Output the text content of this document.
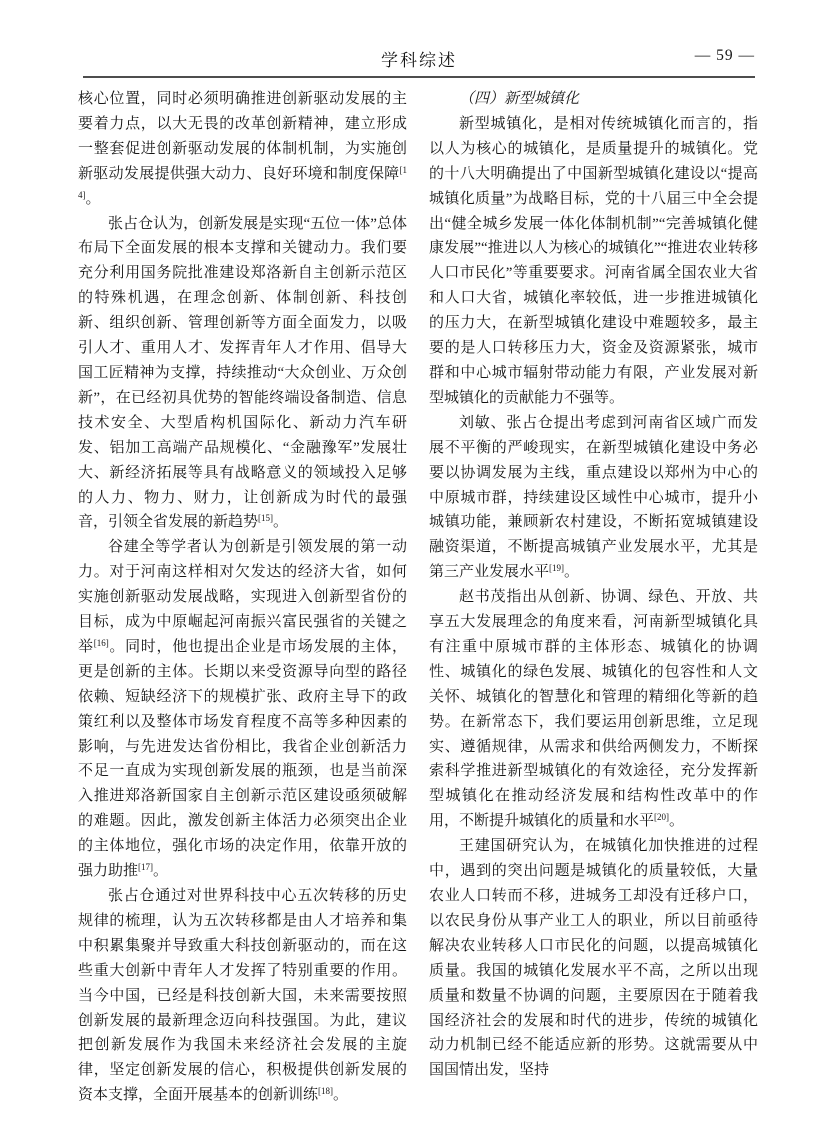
学科综述	— 59 —

核心位置，同时必须明确推进创新驱动发展的主要着力点，以大无畏的改革创新精神，建立形成一整套促进创新驱动发展的体制机制，为实施创新驱动发展提供强大动力、良好环境和制度保障[14]。

张占仓认为，创新发展是实现“五位一体”总体布局下全面发展的根本支撑和关键动力。我们要充分利用国务院批准建设郑洛新自主创新示范区的特殊机遇，在理念创新、体制创新、科技创新、组织创新、管理创新等方面全面发力，以吸引人才、重用人才、发挥青年人才作用、倡导大国工匠精神为支撑，持续推动“大众创业、万众创新”，在已经初具优势的智能终端设备制造、信息技术安全、大型盾构机国际化、新动力汽车研发、铝加工高端产品规模化、“金融豫军”发展壮大、新经济拓展等具有战略意义的领域投入足够的人力、物力、财力，让创新成为时代的最强音，引领全省发展的新趋势[15]。

谷建全等学者认为创新是引领发展的第一动力。对于河南这样相对欠发达的经济大省，如何实施创新驱动发展战略，实现进入创新型省份的目标，成为中原崛起河南振兴富民强省的关键之举[16]。同时，他也提出企业是市场发展的主体，更是创新的主体。长期以来受资源导向型的路径依赖、短缺经济下的规模扩张、政府主导下的政策红利以及整体市场发育程度不高等多种因素的影响，与先进发达省份相比，我省企业创新活力不足一直成为实现创新发展的瓶颈，也是当前深入推进郑洛新国家自主创新示范区建设亟须破解的难题。因此，激发创新主体活力必须突出企业的主体地位，强化市场的决定作用，依靠开放的强力助推[17]。

张占仓通过对世界科技中心五次转移的历史规律的梳理，认为五次转移都是由人才培养和集中积累集聚并导致重大科技创新驱动的，而在这些重大创新中青年人才发挥了特别重要的作用。当今中国，已经是科技创新大国，未来需要按照创新发展的最新理念迈向科技强国。为此，建议把创新发展作为我国未来经济社会发展的主旋律，坚定创新发展的信心，积极提供创新发展的资本支撑，全面开展基本的创新训练[18]。

（四）新型城镇化

新型城镇化，是相对传统城镇化而言的，指以人为核心的城镇化，是质量提升的城镇化。党的十八大明确提出了中国新型城镇化建设以“提高城镇化质量”为战略目标，党的十八届三中全会提出“健全城乡发展一体化体制机制”“完善城镇化健康发展”“推进以人为核心的城镇化”“推进农业转移人口市民化”等重要要求。河南省属全国农业大省和人口大省，城镇化率较低，进一步推进城镇化的压力大，在新型城镇化建设中难题较多，最主要的是人口转移压力大，资金及资源紧张，城市群和中心城市辐射带动能力有限，产业发展对新型城镇化的贡献能力不强等。

刘敏、张占仓提出考虑到河南省区域广而发展不平衡的严峻现实，在新型城镇化建设中务必要以协调发展为主线，重点建设以郑州为中心的中原城市群，持续建设区域性中心城市，提升小城镇功能，兼顾新农村建设，不断拓宽城镇建设融资渠道，不断提高城镇产业发展水平，尤其是第三产业发展水平[19]。

赵书茂指出从创新、协调、绿色、开放、共享五大发展理念的角度来看，河南新型城镇化具有注重中原城市群的主体形态、城镇化的协调性、城镇化的绿色发展、城镇化的包容性和人文关怀、城镇化的智慧化和管理的精细化等新的趋势。在新常态下，我们要运用创新思维，立足现实、遵循规律，从需求和供给两侧发力，不断探索科学推进新型城镇化的有效途径，充分发挥新型城镇化在推动经济发展和结构性改革中的作用，不断提升城镇化的质量和水平[20]。

王建国研究认为，在城镇化加快推进的过程中，遇到的突出问题是城镇化的质量较低，大量农业人口转而不移，进城务工却没有迁移户口，以农民身份从事产业工人的职业，所以目前亟待解决农业转移人口市民化的问题，以提高城镇化质量。我国的城镇化发展水平不高，之所以出现质量和数量不协调的问题，主要原因在于随着我国经济社会的发展和时代的进步，传统的城镇化动力机制已经不能适应新的形势。这就需要从中国国情出发，坚持
